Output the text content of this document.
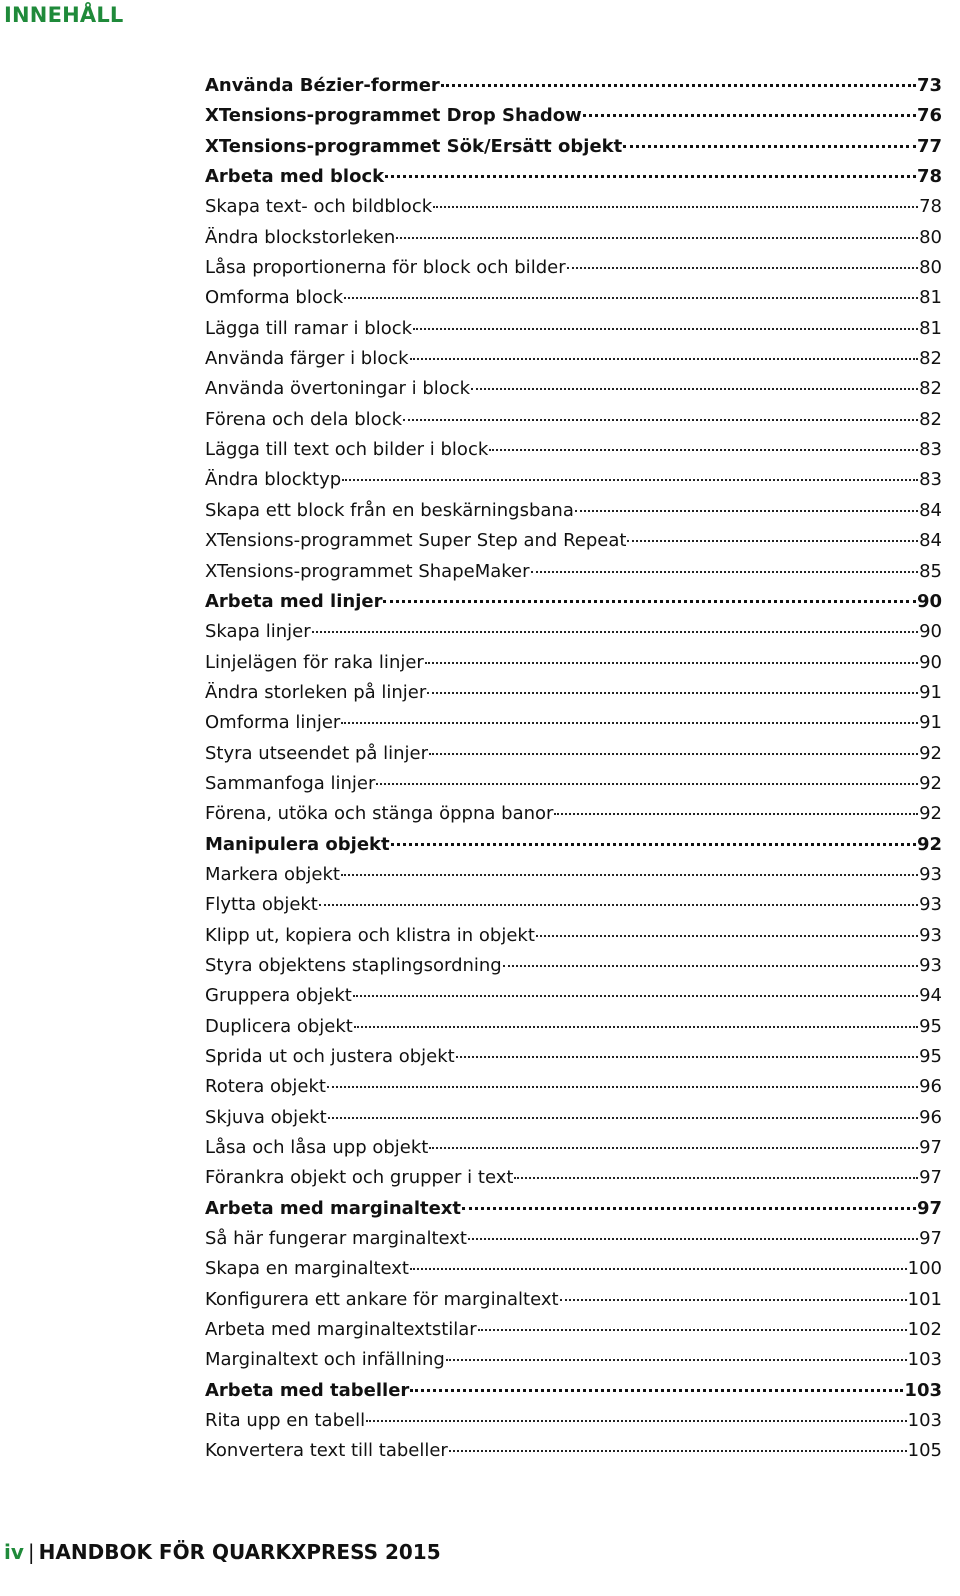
INNEHÅLL
Använda Bézier-former	73
XTensions-programmet Drop Shadow	76
XTensions-programmet Sök/Ersätt objekt	77
Arbeta med block	78
Skapa text- och bildblock	78
Ändra blockstorleken	80
Låsa proportionerna för block och bilder	80
Omforma block	81
Lägga till ramar i block	81
Använda färger i block	82
Använda övertoningar i block	82
Förena och dela block	82
Lägga till text och bilder i block	83
Ändra blocktyp	83
Skapa ett block från en beskärningsbana	84
XTensions-programmet Super Step and Repeat	84
XTensions-programmet ShapeMaker	85
Arbeta med linjer	90
Skapa linjer	90
Linjelägen för raka linjer	90
Ändra storleken på linjer	91
Omforma linjer	91
Styra utseendet på linjer	92
Sammanfoga linjer	92
Förena, utöka och stänga öppna banor	92
Manipulera objekt	92
Markera objekt	93
Flytta objekt	93
Klipp ut, kopiera och klistra in objekt	93
Styra objektens staplingsordning	93
Gruppera objekt	94
Duplicera objekt	95
Sprida ut och justera objekt	95
Rotera objekt	96
Skjuva objekt	96
Låsa och låsa upp objekt	97
Förankra objekt och grupper i text	97
Arbeta med marginaltext	97
Så här fungerar marginaltext	97
Skapa en marginaltext	100
Konfigurera ett ankare för marginaltext	101
Arbeta med marginaltextstilar	102
Marginaltext och infällning	103
Arbeta med tabeller	103
Rita upp en tabell	103
Konvertera text till tabeller	105
iv | HANDBOK FÖR QUARKXPRESS 2015
